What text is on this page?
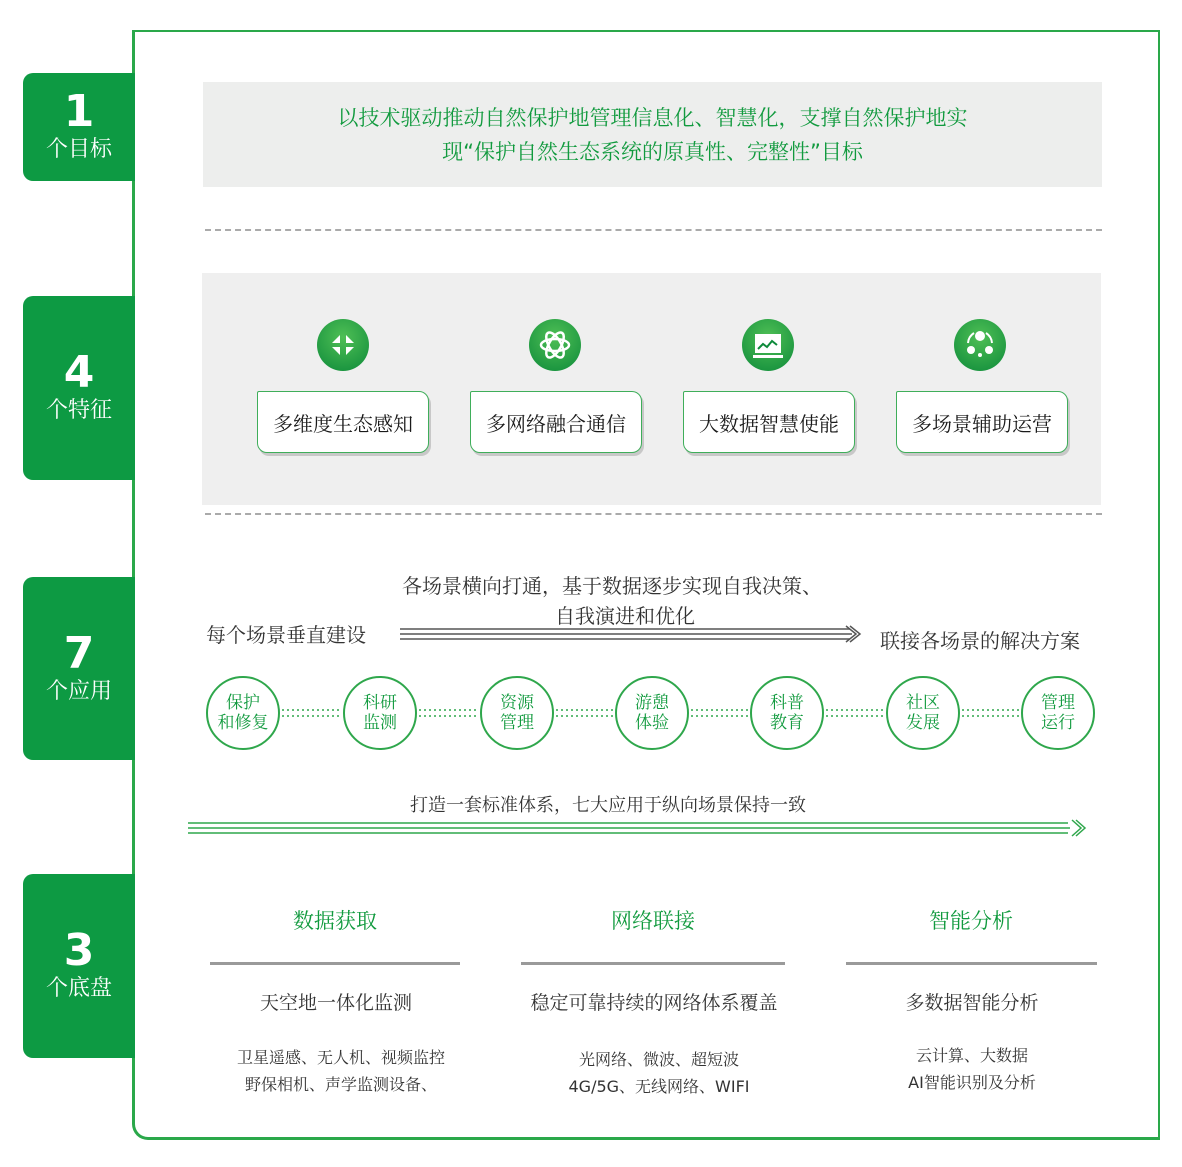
1
个目标
4
个特征
7
个应用
3
个底盘
以技术驱动推动自然保护地管理信息化、智慧化，支撑自然保护地实
现“保护自然生态系统的原真性、完整性”目标
多维度生态感知	多网络融合通信	大数据智慧使能	多场景辅助运营
各场景横向打通，基于数据逐步实现自我决策、
自我演进和优化
每个场景垂直建设	联接各场景的解决方案
保护
和修复
科研
监测
资源
管理
游憩
体验
科普
教育
社区
发展
管理
运行
打造一套标准体系，七大应用于纵向场景保持一致
数据获取	网络联接	智能分析
天空地一体化监测	稳定可靠持续的网络体系覆盖	多数据智能分析
卫星遥感、无人机、视频监控
野保相机、声学监测设备、
光网络、微波、超短波
4G/5G、无线网络、WIFI
云计算、大数据
AI智能识别及分析
